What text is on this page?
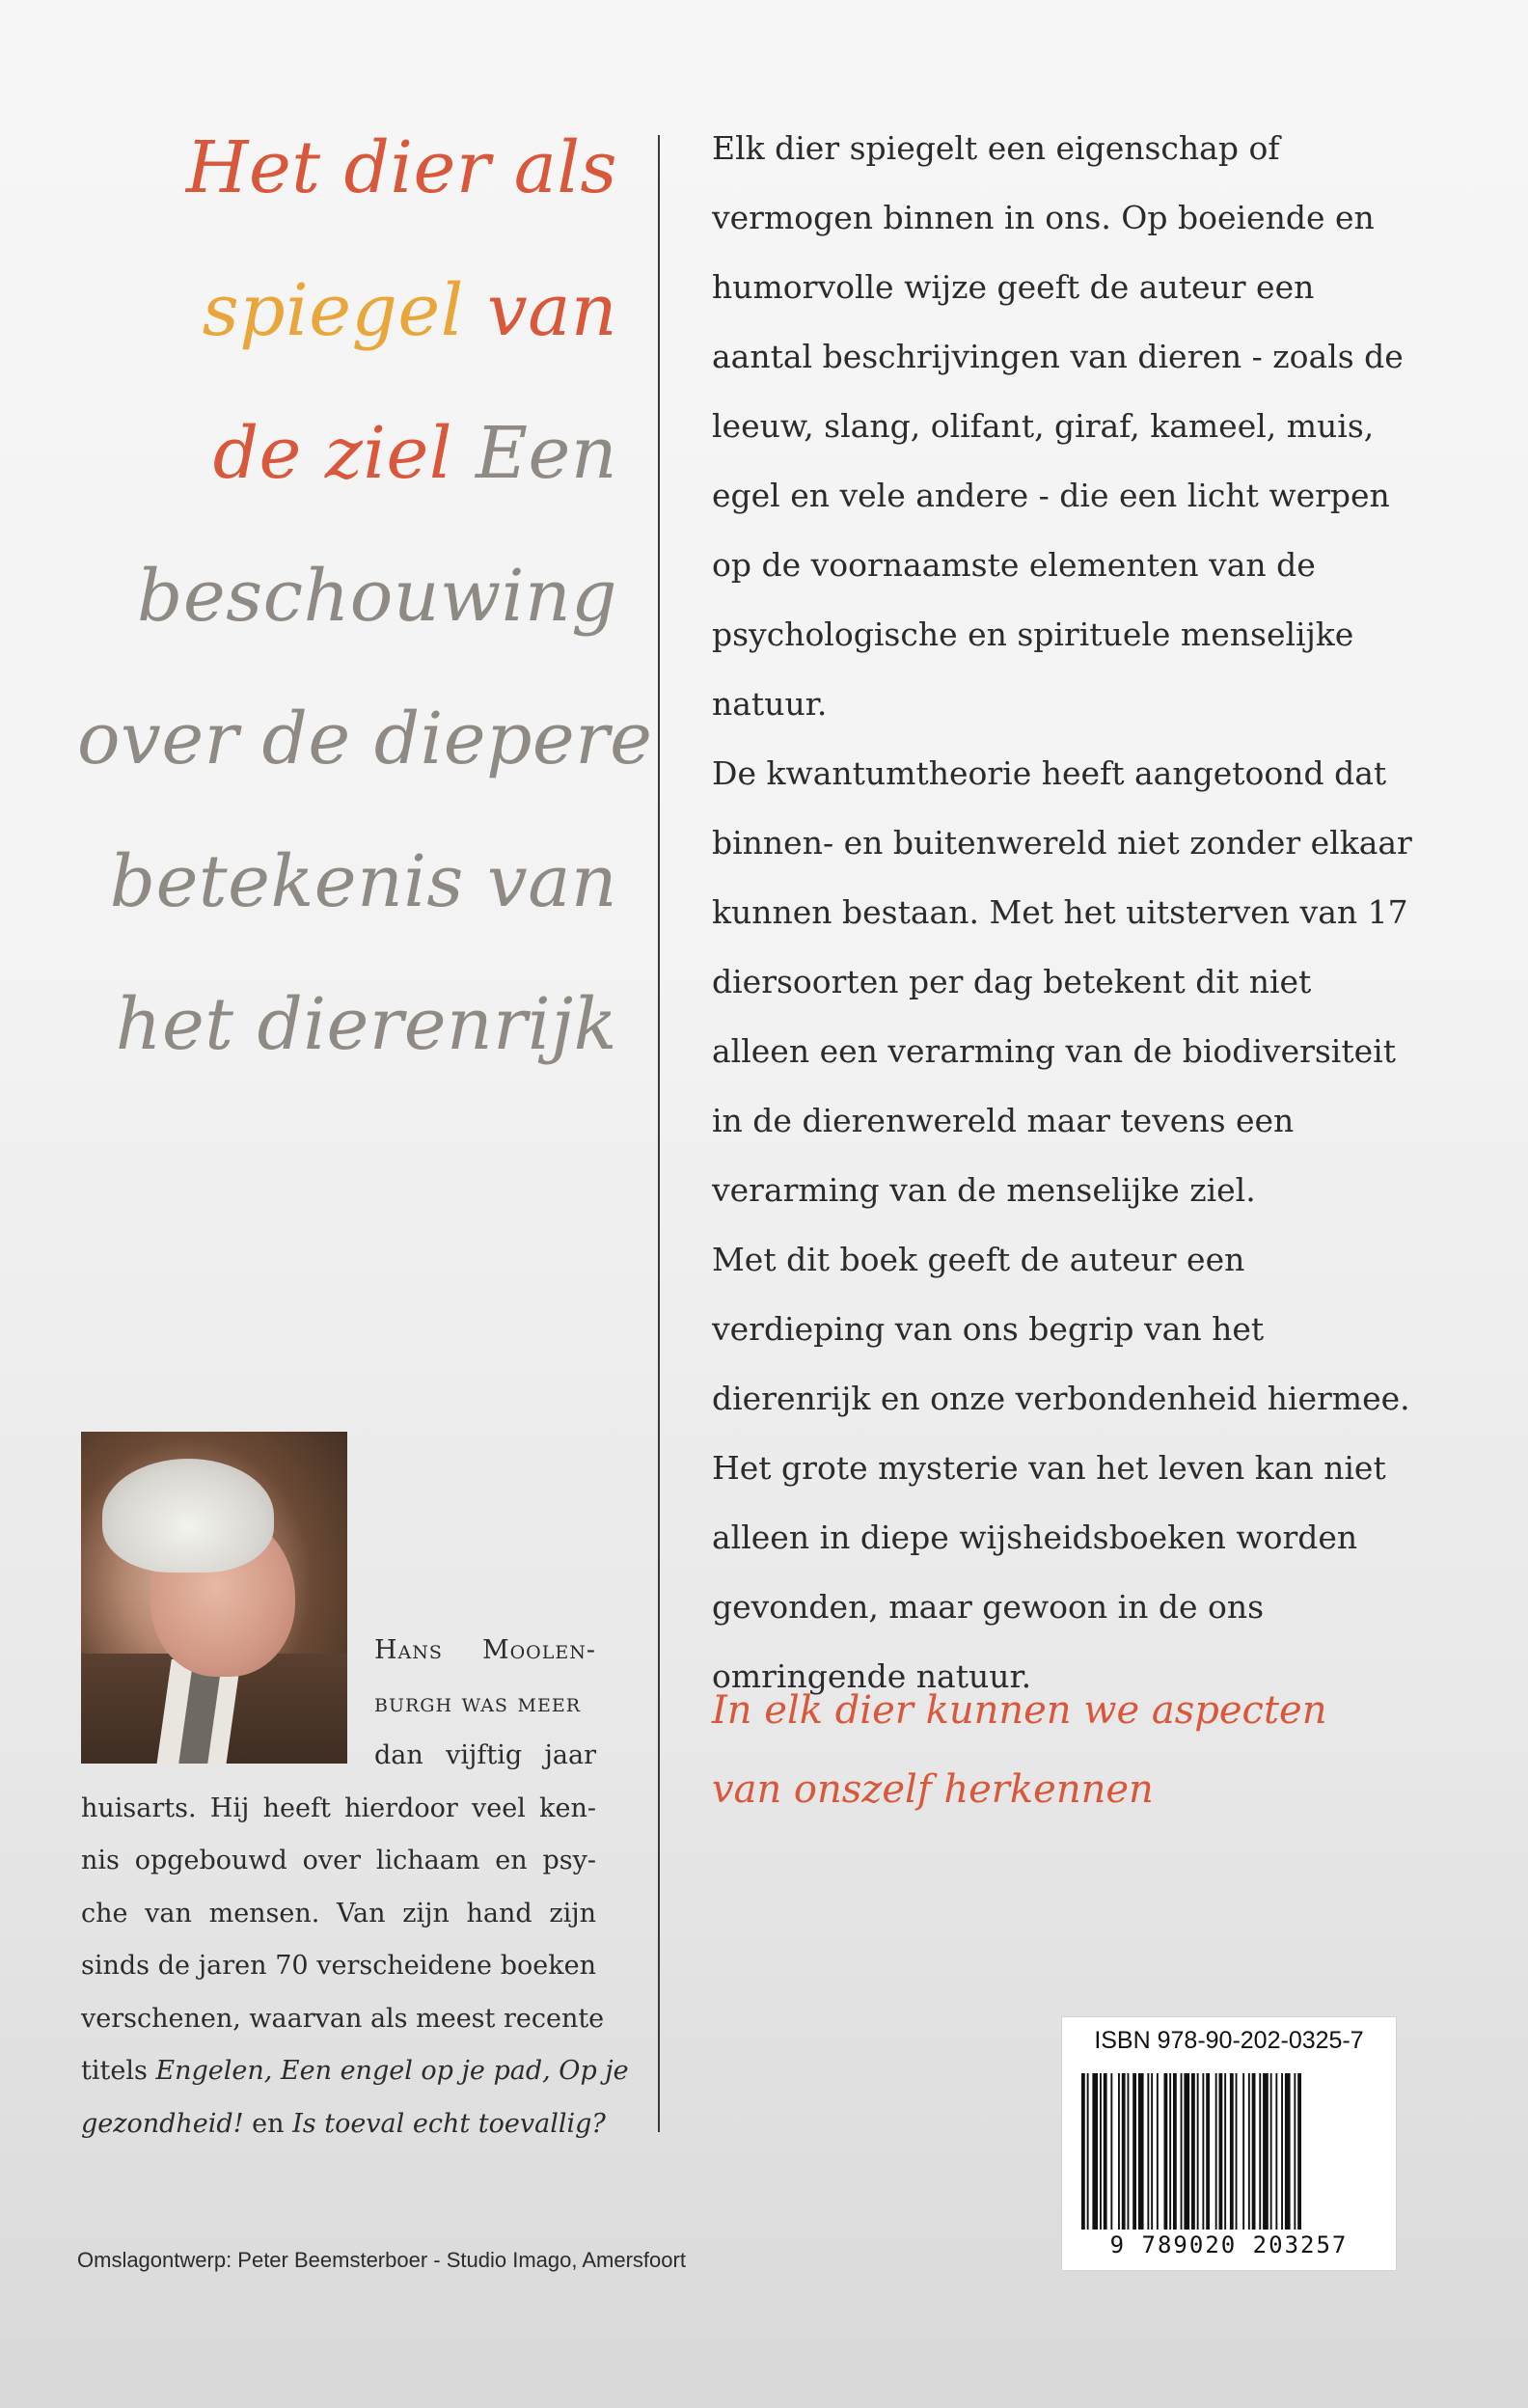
Het dier als
spiegel van
de ziel Een
beschouwing
over de diepere
betekenis van
het dierenrijk

Elk dier spiegelt een eigenschap of vermogen binnen in ons. Op boeiende en humorvolle wijze geeft de auteur een aantal beschrijvingen van dieren - zoals de leeuw, slang, olifant, giraf, kameel, muis, egel en vele andere - die een licht werpen op de voornaamste elementen van de psychologische en spirituele menselijke natuur.

De kwantumtheorie heeft aangetoond dat binnen- en buitenwereld niet zonder elkaar kunnen bestaan. Met het uitsterven van 17 diersoorten per dag betekent dit niet alleen een verarming van de biodiversiteit in de dierenwereld maar tevens een verarming van de menselijke ziel.

Met dit boek geeft de auteur een verdieping van ons begrip van het dierenrijk en onze verbondenheid hiermee. Het grote mysterie van het leven kan niet alleen in diepe wijsheidsboeken worden gevonden, maar gewoon in de ons omringende natuur.

In elk dier kunnen we aspecten
van onszelf herkennen
Hans Moolen-
burgh was meer
dan vijftig jaar
huisarts. Hij heeft hierdoor veel ken-
nis opgebouwd over lichaam en psy-
che van mensen. Van zijn hand zijn
sinds de jaren 70 verscheidene boeken
verschenen, waarvan als meest recente
titels Engelen, Een engel op je pad, Op je
gezondheid! en Is toeval echt toevallig?
Omslagontwerp: Peter Beemsterboer - Studio Imago, Amersfoort
ISBN 978-90-202-0325-7
9 789020 203257
